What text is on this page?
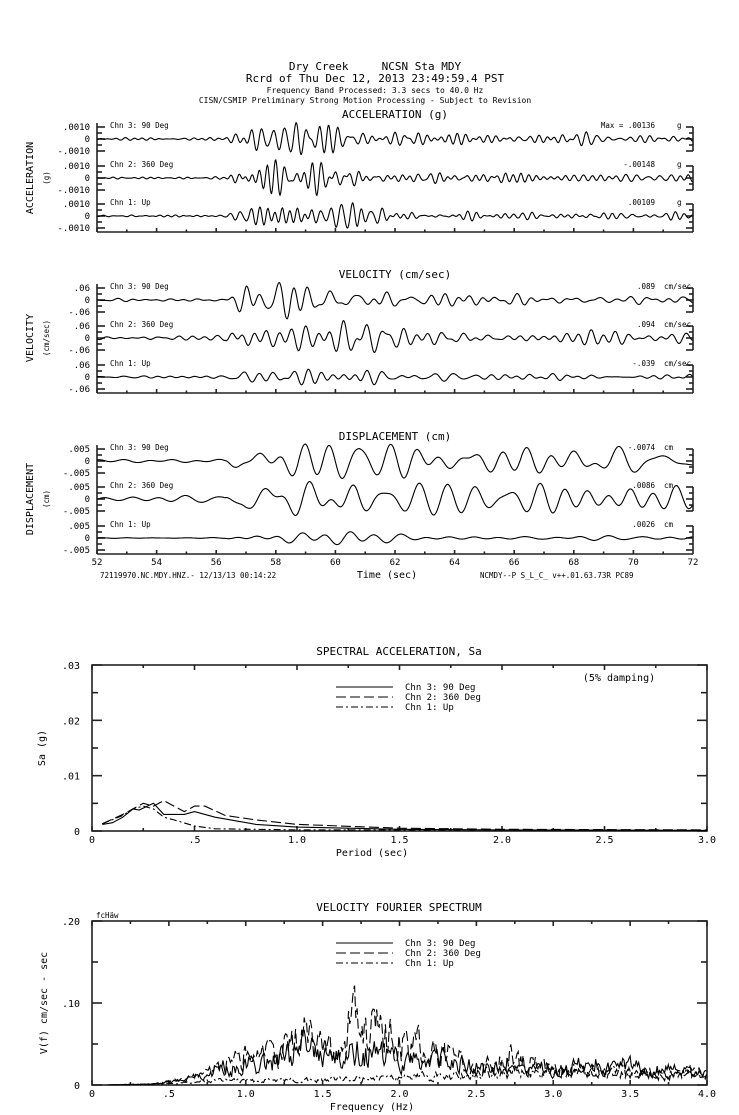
Dry Creek     NCSN Sta MDY
Rcrd of Thu Dec 12, 2013 23:49:59.4 PST
Frequency Band Processed: 3.3 secs to 40.0 Hz
CISN/CSMIP Preliminary Strong Motion Processing - Subject to Revision
ACCELERATION (g)
ACCELERATION (g)
.0010
0
-.0010
Chn 3: 90 Deg	Max = .00136	g
.0010
0
-.0010
Chn 2: 360 Deg	-.00148	g
.0010
0
-.0010
Chn 1: Up	.00109	g
VELOCITY (cm/sec)
VELOCITY (cm/sec)
.06
0
-.06
Chn 3: 90 Deg	.089 cm/sec
.06
0
-.06
Chn 2: 360 Deg	.094 cm/sec
.06
0
-.06
Chn 1: Up	-.039 cm/sec
DISPLACEMENT (cm)
DISPLACEMENT (cm)
.005
0
-.005
Chn 3: 90 Deg	-.0074 cm
.005
0
-.005
Chn 2: 360 Deg	.0086 cm
.005
0
-.005
Chn 1: Up	.0026 cm
52	54	56	58	60	62	64	66	68	70	72
Time (sec)
72119970.NC.MDY.HNZ.- 12/13/13 00:14:22	NCMDY--P S_L_C_ v++.01.63.73R PC89
SPECTRAL ACCELERATION, Sa
0	.5	1.0	1.5	2.0	2.5	3.0
.03
.02
.01
0
Period (sec)
Sa (g)
(5% damping)
Chn 3: 90 Deg
Chn 2: 360 Deg
Chn 1: Up
VELOCITY FOURIER SPECTRUM
0	.5	1.0	1.5	2.0	2.5	3.0	3.5	4.0
.20
.10
0
Frequency (Hz)
V(f) cm/sec - sec
fcHäw
Chn 3: 90 Deg
Chn 2: 360 Deg
Chn 1: Up
